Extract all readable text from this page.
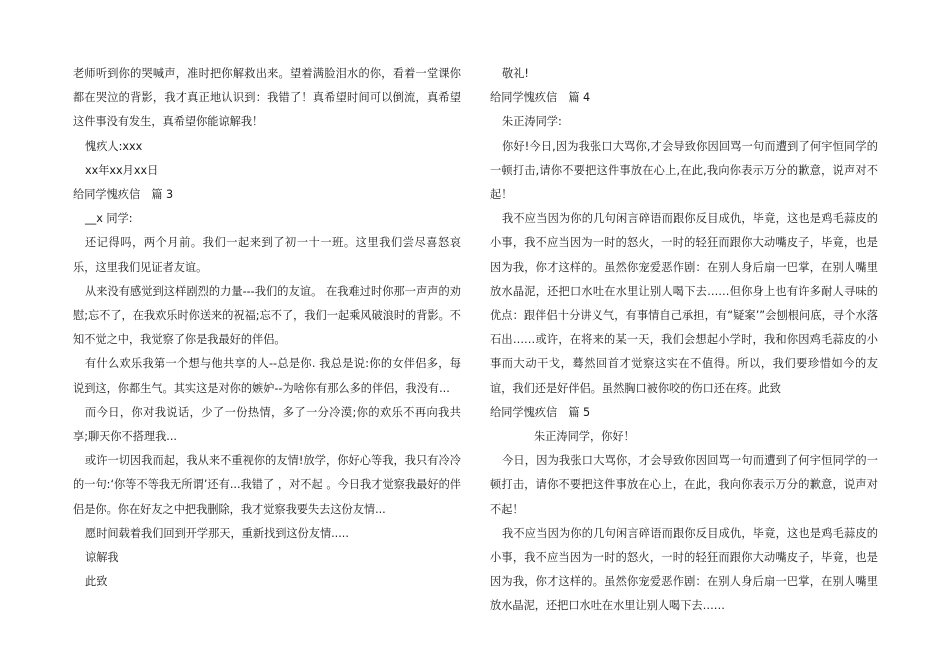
老师听到你的哭喊声，准时把你解救出来。望着满脸泪水的你，看着一堂课你都在哭泣的背影，我才真正地认识到：我错了！真希望时间可以倒流，真希望这件事没有发生，真希望你能谅解我！

愧疚人:xxx

xx年xx月xx日

给同学愧疚信　篇 3

__x 同学:

还记得吗，两个月前。我们一起来到了初一十一班。这里我们尝尽喜怒哀乐，这里我们见证者友谊。

从来没有感觉到这样剧烈的力量---我们的友谊。 在我难过时你那一声声的劝慰;忘不了，在我欢乐时你送来的祝福;忘不了，我们一起乘风破浪时的背影。不知不觉之中，我觉察了你是我最好的伴侣。

有什么欢乐我第一个想与他共享的人--总是你. 我总是说:你的女伴侣多，每说到这，你都生气。其实这是对你的嫉妒--为啥你有那么多的伴侣，我没有...

而今日，你对我说话，少了一份热情，多了一分冷漠;你的欢乐不再向我共享;聊天你不搭理我...

或许一切因我而起，我从来不重视你的友情!放学，你好心等我，我只有冷冷的一句:‘你等不等我无所谓’还有...我错了 ，对不起 。今日我才觉察我最好的伴侣是你。你在好友之中把我删除，我才觉察我要失去这份友情...

愿时间载着我们回到开学那天，重新找到这份友情.....

谅解我

此致

敬礼!

给同学愧疚信　篇 4

朱正涛同学:

你好!今日,因为我张口大骂你,才会导致你因回骂一句而遭到了何宇恒同学的一顿打击,请你不要把这件事放在心上,在此,我向你表示万分的歉意，说声对不起！

我不应当因为你的几句闲言碎语而跟你反目成仇，毕竟，这也是鸡毛蒜皮的小事，我不应当因为一时的怒火，一时的轻狂而跟你大动嘴皮子，毕竟，也是因为我，你才这样的。虽然你宠爱恶作剧：在别人身后扇一巴掌，在别人嘴里放水晶泥，还把口水吐在水里让别人喝下去……但你身上也有许多耐人寻味的优点：跟伴侣十分讲义气，有事情自己承担，有“疑案’”会刨根问底，寻个水落石出……或许，在将来的某一天，我们会想起小学时，我和你因鸡毛蒜皮的小事而大动干戈，蓦然回首才觉察这实在不值得。所以，我们要珍惜如今的友谊，我们还是好伴侣。虽然胸口被你咬的伤口还在疼。此致

给同学愧疚信　篇 5

朱正涛同学，你好！

今日，因为我张口大骂你，才会导致你因回骂一句而遭到了何宇恒同学的一顿打击，请你不要把这件事放在心上，在此，我向你表示万分的歉意，说声对不起！

我不应当因为你的几句闲言碎语而跟你反目成仇，毕竟，这也是鸡毛蒜皮的小事，我不应当因为一时的怒火，一时的轻狂而跟你大动嘴皮子，毕竟，也是因为我，你才这样的。虽然你宠爱恶作剧：在别人身后扇一巴掌，在别人嘴里放水晶泥，还把口水吐在水里让别人喝下去……
